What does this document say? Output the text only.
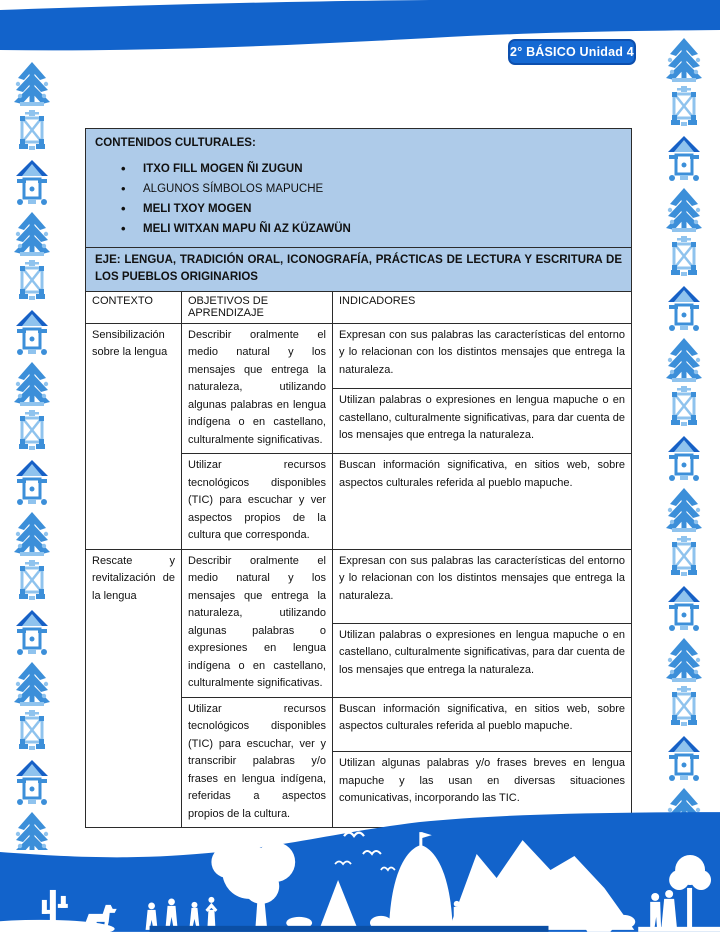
2° BÁSICO Unidad 4
CONTENIDOS CULTURALES:
• ITXO FILL MOGEN ÑI ZUGUN
• ALGUNOS SÍMBOLOS MAPUCHE
• MELI TXOY MOGEN
• MELI WITXAN MAPU ÑI AZ KÜZAWÜN
EJE: LENGUA, TRADICIÓN ORAL, ICONOGRAFÍA, PRÁCTICAS DE LECTURA Y ESCRITURA DE LOS PUEBLOS ORIGINARIOS
CONTEXTO	OBJETIVOS DE APRENDIZAJE	INDICADORES
Sensibilización sobre la lengua	Describir oralmente el medio natural y los mensajes que entrega la naturaleza, utilizando algunas palabras en lengua indígena o en castellano, culturalmente significativas.	Expresan con sus palabras las características del entorno y lo relacionan con los distintos mensajes que entrega la naturaleza.
		Utilizan palabras o expresiones en lengua mapuche o en castellano, culturalmente significativas, para dar cuenta de los mensajes que entrega la naturaleza.
	Utilizar recursos tecnológicos disponibles (TIC) para escuchar y ver aspectos propios de la cultura que corresponda.	Buscan información significativa, en sitios web, sobre aspectos culturales referida al pueblo mapuche.
Rescate y revitalización de la lengua	Describir oralmente el medio natural y los mensajes que entrega la naturaleza, utilizando algunas palabras o expresiones en lengua indígena o en castellano, culturalmente significativas.	Expresan con sus palabras las características del entorno y lo relacionan con los distintos mensajes que entrega la naturaleza.
		Utilizan palabras o expresiones en lengua mapuche o en castellano, culturalmente significativas, para dar cuenta de los mensajes que entrega la naturaleza.
	Utilizar recursos tecnológicos disponibles (TIC) para escuchar, ver y transcribir palabras y/o frases en lengua indígena, referidas a aspectos propios de la cultura.	Buscan información significativa, en sitios web, sobre aspectos culturales referida al pueblo mapuche.
		Utilizan algunas palabras y/o frases breves en lengua mapuche y las usan en diversas situaciones comunicativas, incorporando las TIC.
